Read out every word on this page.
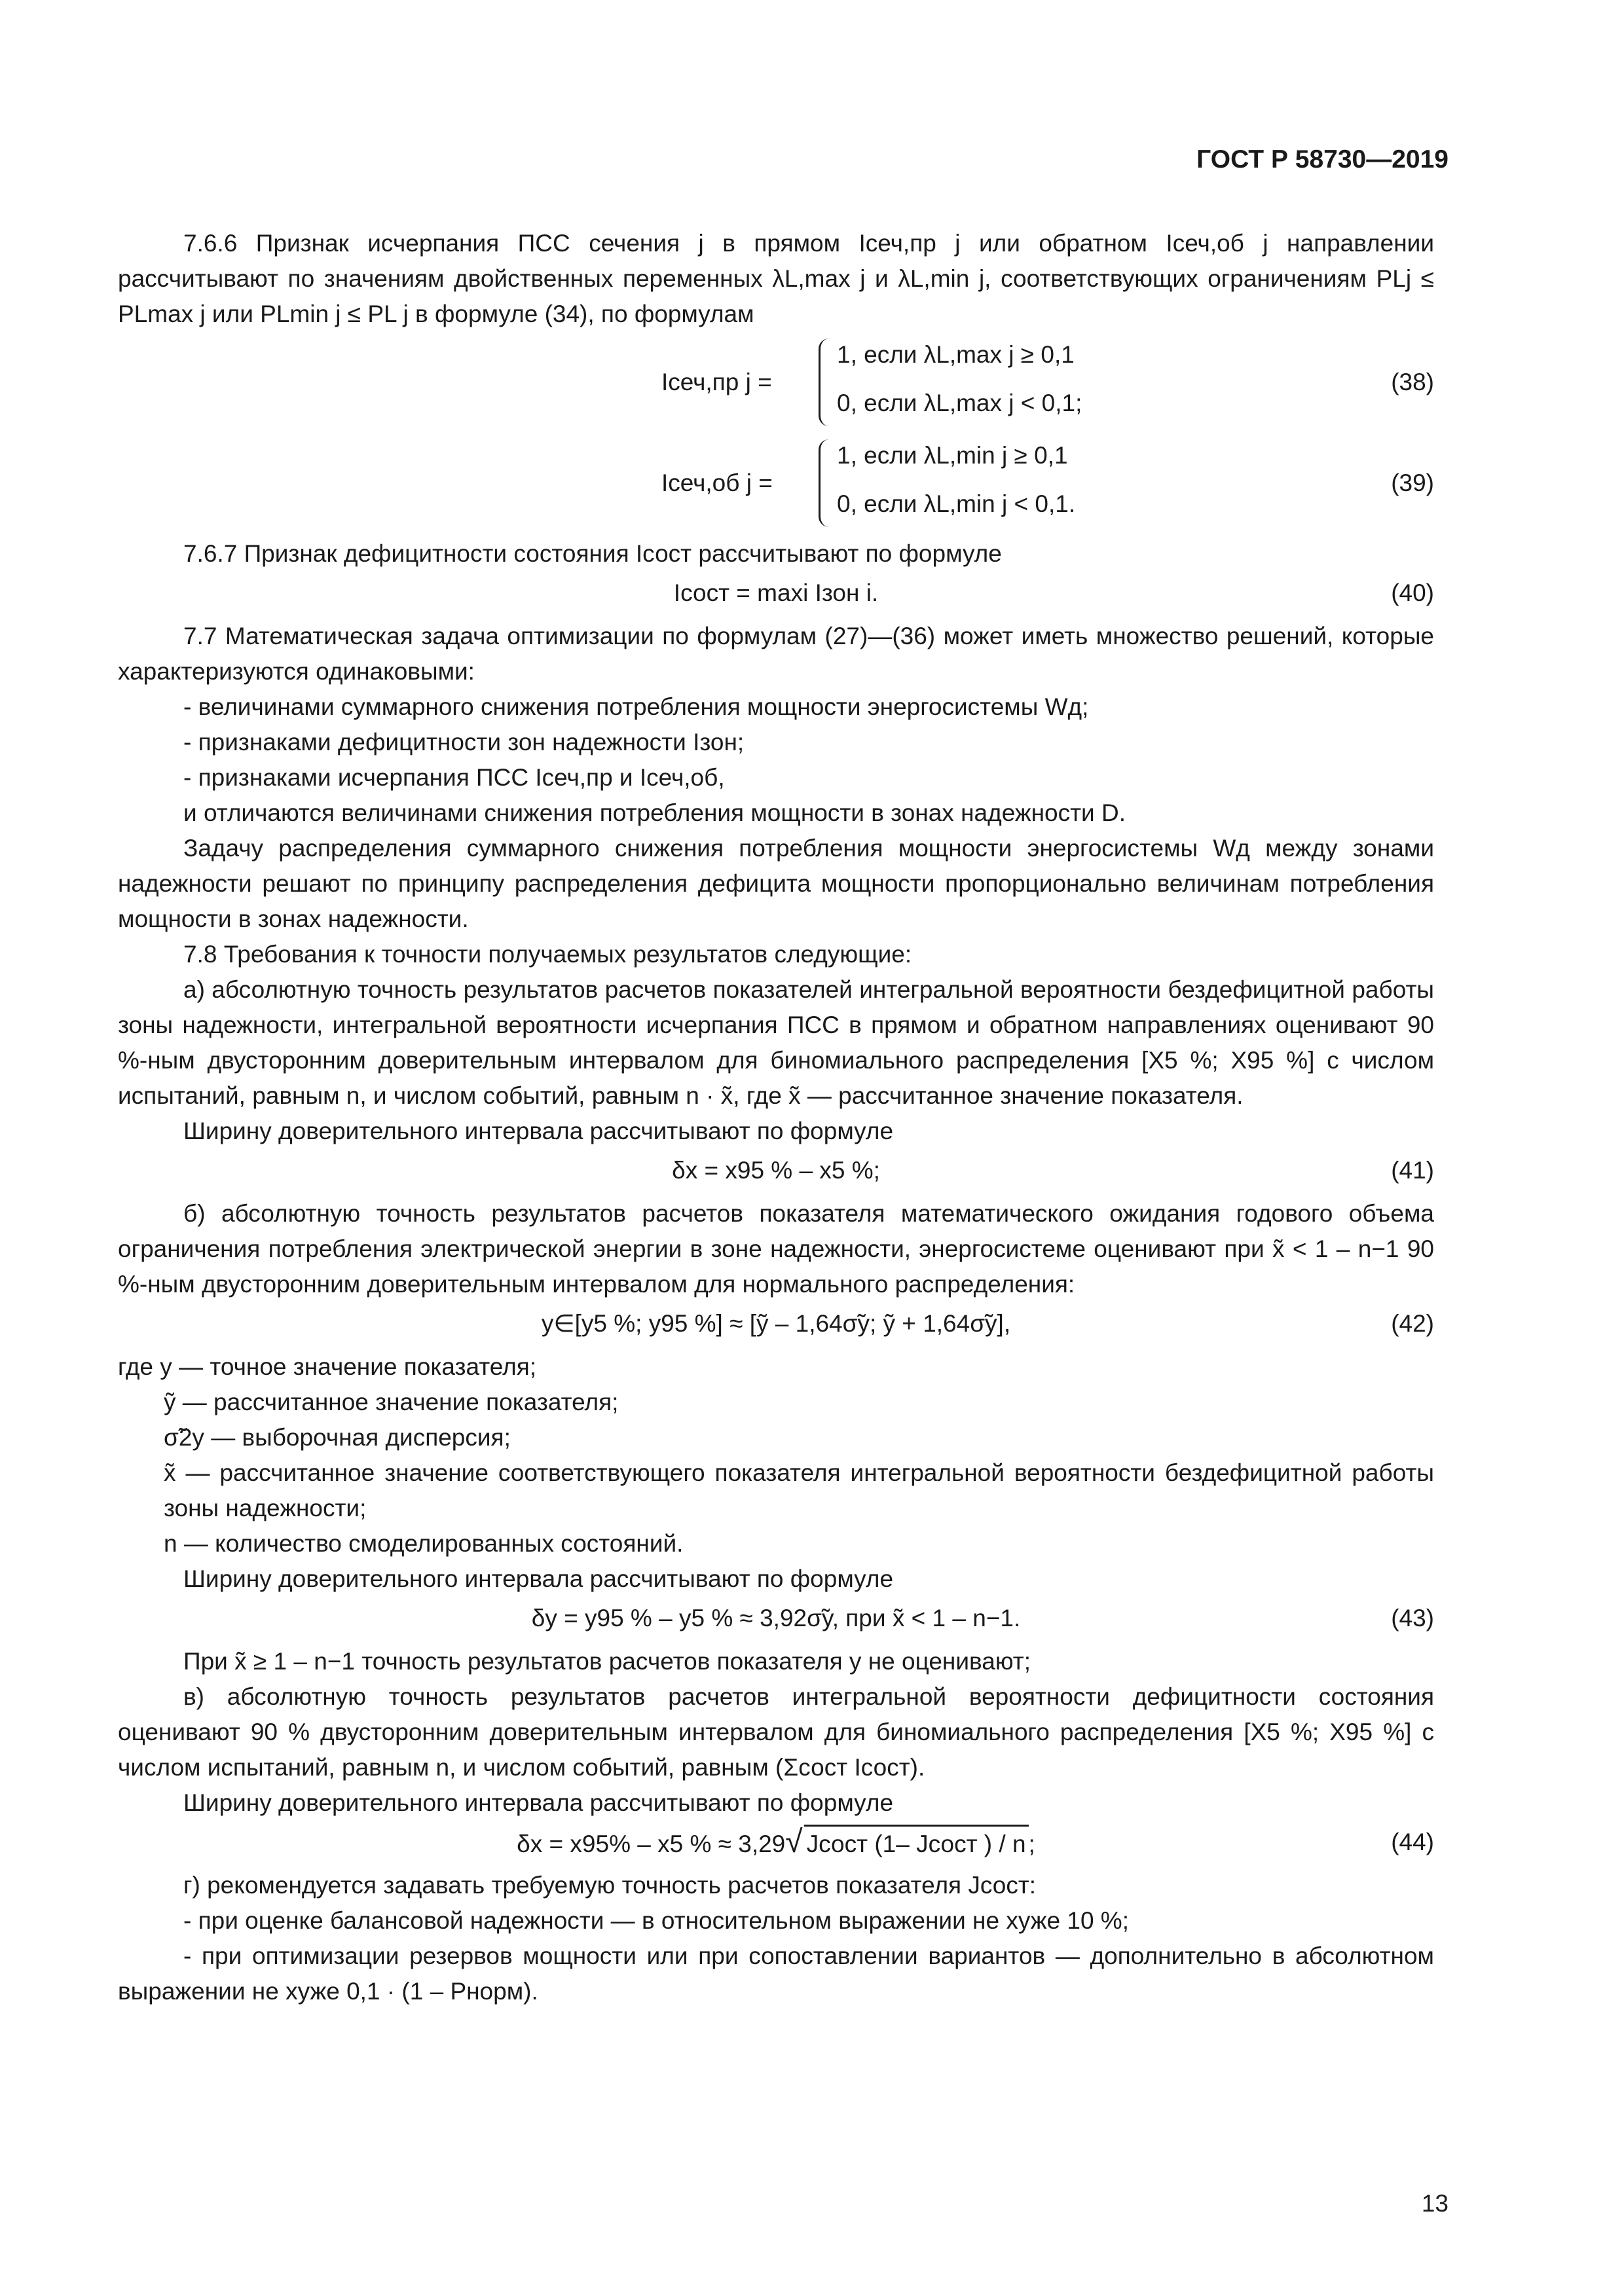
ГОСТ Р 58730—2019

7.6.6 Признак исчерпания ПСС сечения j в прямом Iсеч,пр j или обратном Iсеч,об j направлении рассчитывают по значениям двойственных переменных λL,max j и λL,min j, соответствующих ограничениям PLj ≤ PLmax j или PLmin j ≤ PL j в формуле (34), по формулам

Iсеч,пр j =
1, если λL,max j ≥ 0,1
0, если λL,max j < 0,1;
(38)
Iсеч,об j =
1, если λL,min j ≥ 0,1
0, если λL,min j < 0,1.
(39)

7.6.7 Признак дефицитности состояния Iсост рассчитывают по формуле

Iсост = maxi Iзон i.	(40)

7.7 Математическая задача оптимизации по формулам (27)—(36) может иметь множество решений, которые характеризуются одинаковыми:

- величинами суммарного снижения потребления мощности энергосистемы Wд;

- признаками дефицитности зон надежности Iзон;

- признаками исчерпания ПСС Iсеч,пр и Iсеч,об,

и отличаются величинами снижения потребления мощности в зонах надежности D.

Задачу распределения суммарного снижения потребления мощности энергосистемы Wд между зонами надежности решают по принципу распределения дефицита мощности пропорционально величинам потребления мощности в зонах надежности.

7.8 Требования к точности получаемых результатов следующие:

а) абсолютную точность результатов расчетов показателей интегральной вероятности бездефицитной работы зоны надежности, интегральной вероятности исчерпания ПСС в прямом и обратном направлениях оценивают 90 %-ным двусторонним доверительным интервалом для биномиального распределения [X5 %; X95 %] с числом испытаний, равным n, и числом событий, равным n · x̃, где x̃ — рассчитанное значение показателя.

Ширину доверительного интервала рассчитывают по формуле

δx = x95 % – x5 %;	(41)

б) абсолютную точность результатов расчетов показателя математического ожидания годового объема ограничения потребления электрической энергии в зоне надежности, энергосистеме оценивают при x̃ < 1 – n−1 90 %-ным двусторонним доверительным интервалом для нормального распределения:

y∈[y5 %; y95 %] ≈ [ỹ – 1,64σ̃y; ỹ + 1,64σ̃y],	(42)

где y — точное значение показателя;

ỹ — рассчитанное значение показателя;

σ̃2y — выборочная дисперсия;

x̃ — рассчитанное значение соответствующего показателя интегральной вероятности бездефицитной работы зоны надежности;

n — количество смоделированных состояний.

Ширину доверительного интервала рассчитывают по формуле

δy = y95 % – y5 % ≈ 3,92σ̃y, при x̃ < 1 – n−1.	(43)

При x̃ ≥ 1 – n−1 точность результатов расчетов показателя y не оценивают;

в) абсолютную точность результатов расчетов интегральной вероятности дефицитности состояния оценивают 90 % двусторонним доверительным интервалом для биномиального распределения [X5 %; X95 %] с числом испытаний, равным n, и числом событий, равным (Σсост Iсост).

Ширину доверительного интервала рассчитывают по формуле

δx = x95% – x5 % ≈ 3,29√ Jсост (1– Jсост ) / n ;	(44)

г) рекомендуется задавать требуемую точность расчетов показателя Jсост:

- при оценке балансовой надежности — в относительном выражении не хуже 10 %;

- при оптимизации резервов мощности или при сопоставлении вариантов — дополнительно в абсолютном выражении не хуже 0,1 · (1 – Pнорм).

13
